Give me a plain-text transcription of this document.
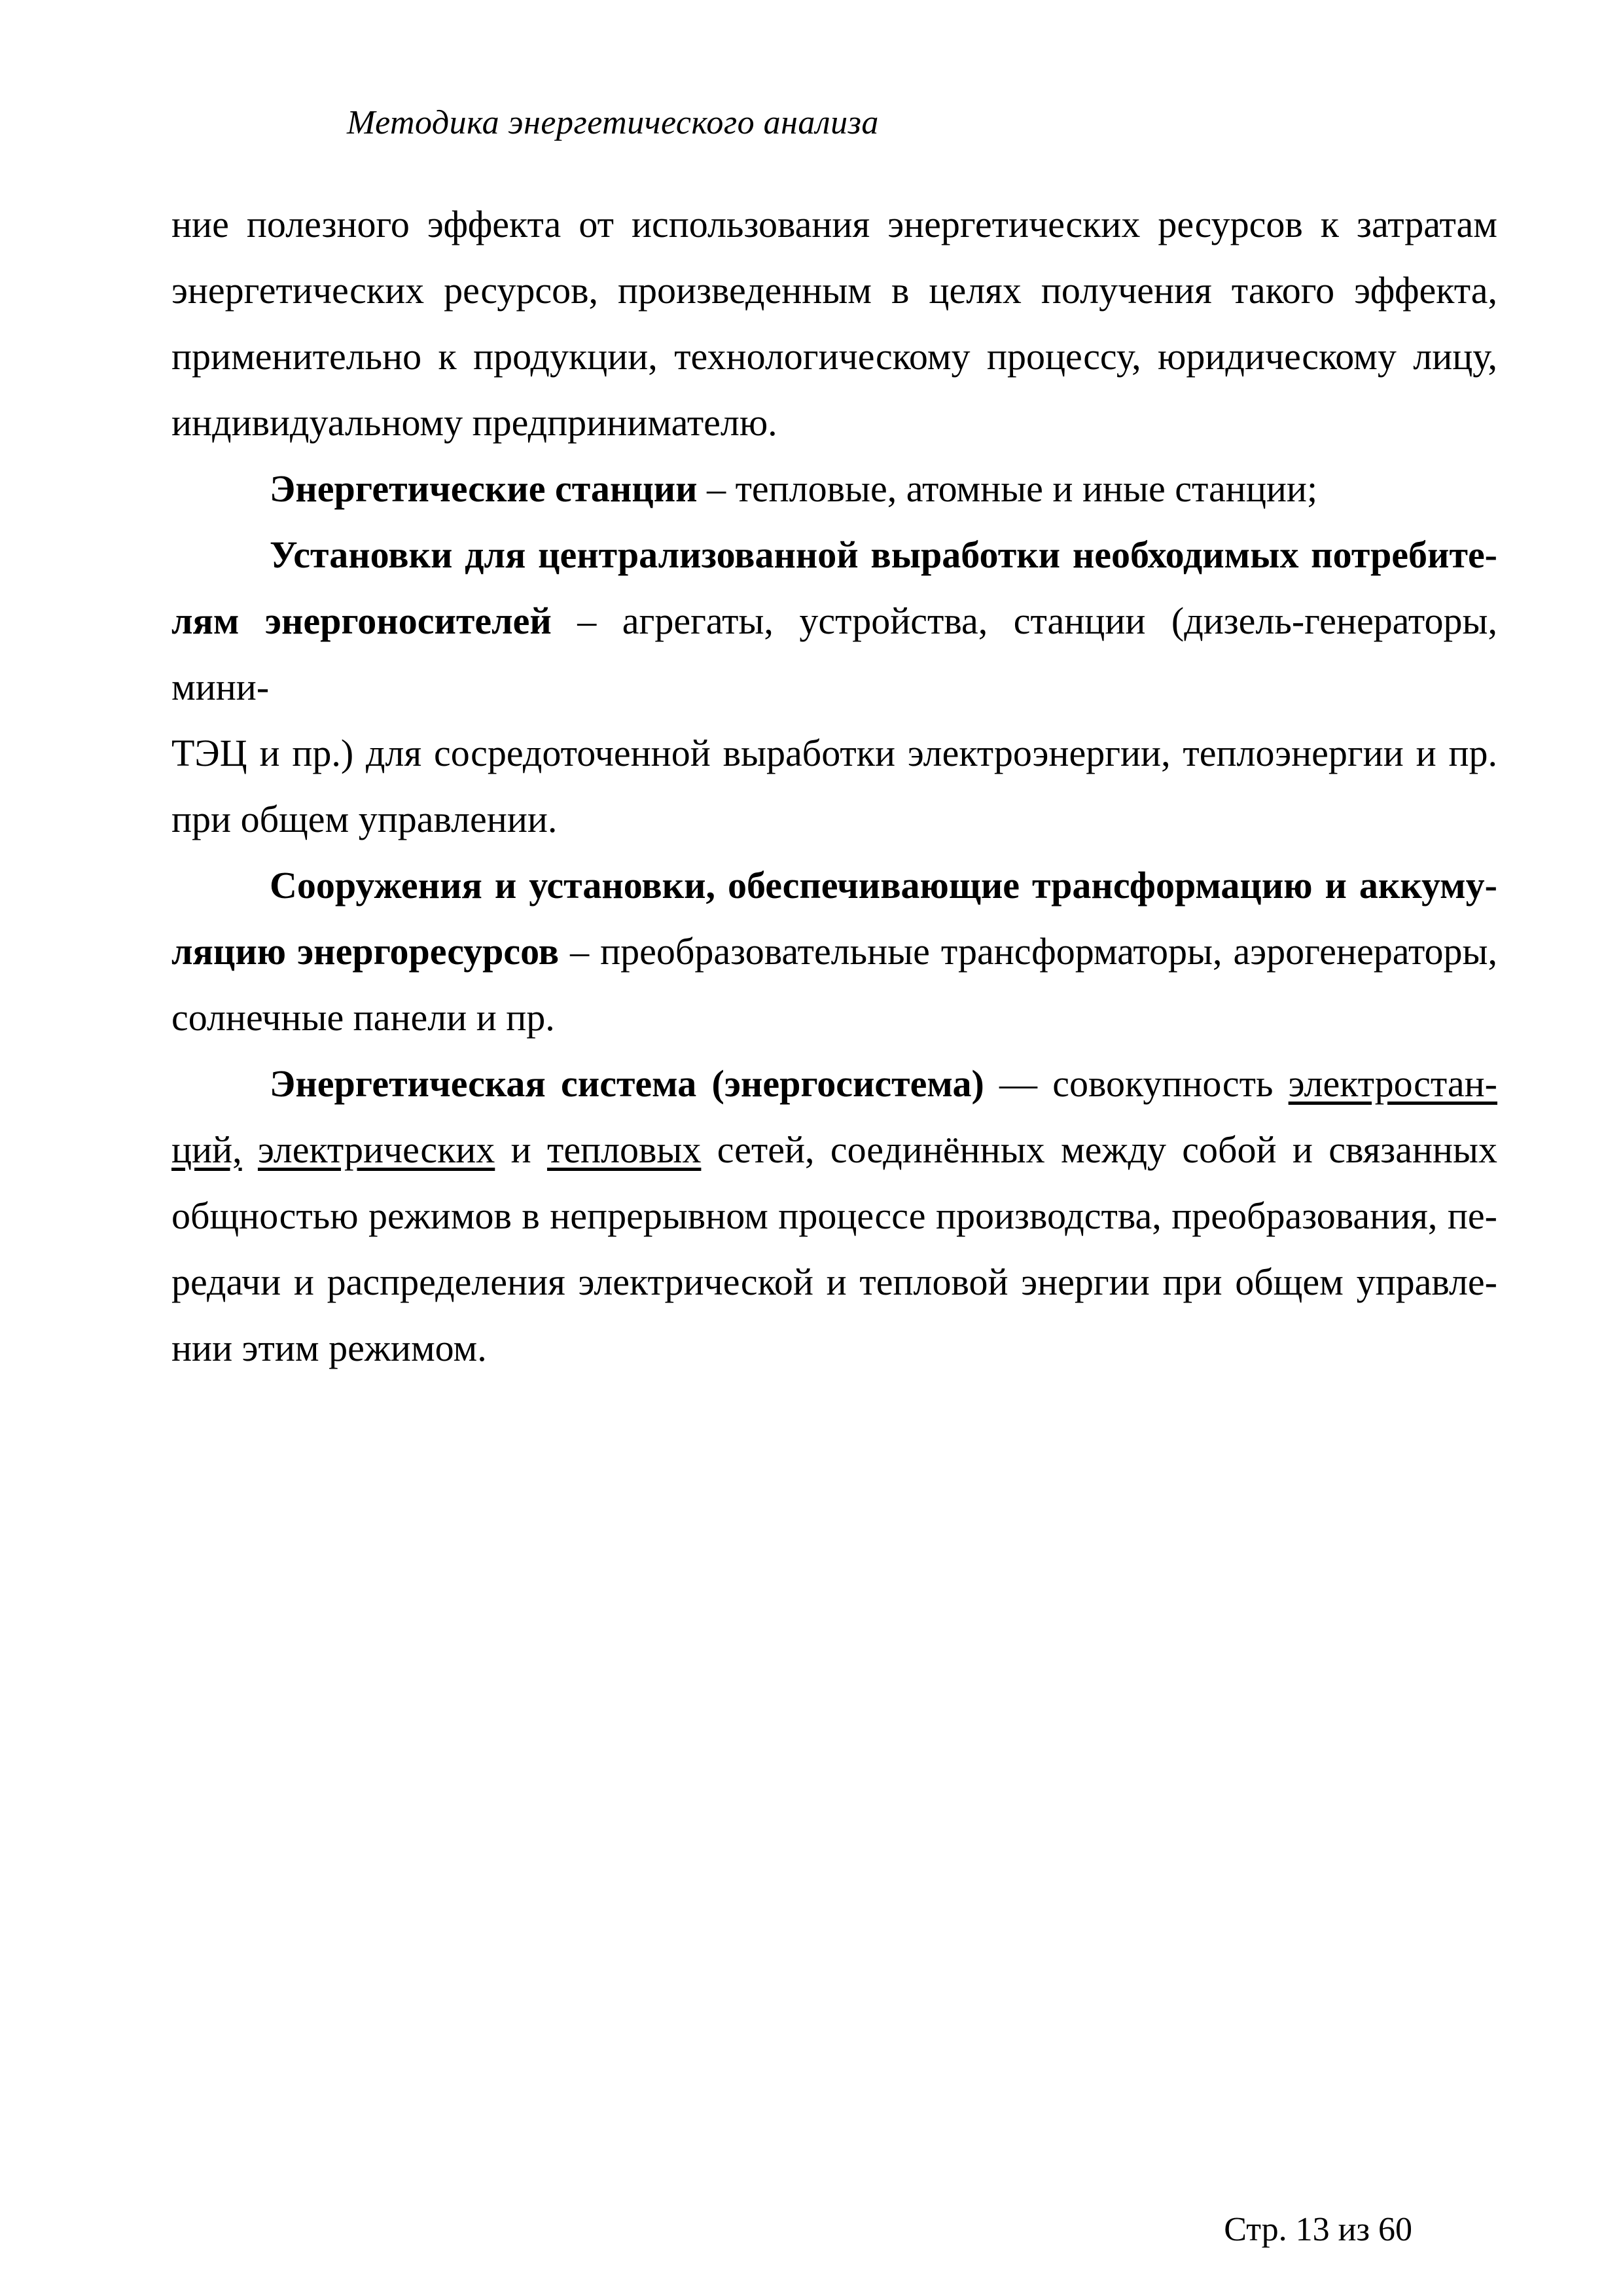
Методика энергетического анализа
ние полезного эффекта от использования энергетических ресурсов к затратам
энергетических ресурсов, произведенным в целях получения такого эффекта,
применительно к продукции, технологическому процессу, юридическому лицу,
индивидуальному предпринимателю.
Энергетические станции – тепловые, атомные и иные станции;
Установки для централизованной выработки необходимых потребите-
лям энергоносителей – агрегаты, устройства, станции (дизель-генераторы, мини-
ТЭЦ и пр.) для сосредоточенной выработки электроэнергии, теплоэнергии и пр.
при общем управлении.
Сооружения и установки, обеспечивающие трансформацию и аккуму-
ляцию энергоресурсов – преобразовательные трансформаторы, аэрогенераторы,
солнечные панели и пр.
Энергетическая система (энергосистема) — совокупность электростан-
ций, электрических и тепловых сетей, соединённых между собой и связанных
общностью режимов в непрерывном процессе производства, преобразования, пе-
редачи и распределения электрической и тепловой энергии при общем управле-
нии этим режимом.
Стр. 13 из 60
